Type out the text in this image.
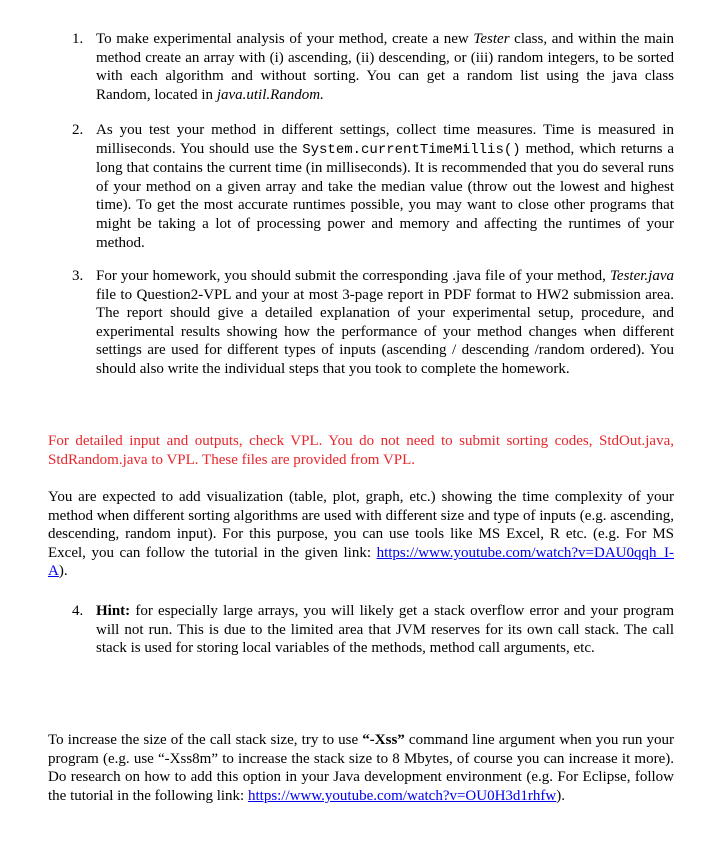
1. To make experimental analysis of your method, create a new Tester class, and within the main method create an array with (i) ascending, (ii) descending, or (iii) random integers, to be sorted with each algorithm and without sorting. You can get a random list using the java class Random, located in java.util.Random.
2. As you test your method in different settings, collect time measures. Time is measured in milliseconds. You should use the System.currentTimeMillis() method, which returns a long that contains the current time (in milliseconds). It is recommended that you do several runs of your method on a given array and take the median value (throw out the lowest and highest time). To get the most accurate runtimes possible, you may want to close other programs that might be taking a lot of processing power and memory and affecting the runtimes of your method.
3. For your homework, you should submit the corresponding .java file of your method, Tester.java file to Question2-VPL and your at most 3-page report in PDF format to HW2 submission area. The report should give a detailed explanation of your experimental setup, procedure, and experimental results showing how the performance of your method changes when different settings are used for different types of inputs (ascending / descending /random ordered). You should also write the individual steps that you took to complete the homework.
For detailed input and outputs, check VPL. You do not need to submit sorting codes, StdOut.java, StdRandom.java to VPL. These files are provided from VPL.
You are expected to add visualization (table, plot, graph, etc.) showing the time complexity of your method when different sorting algorithms are used with different size and type of inputs (e.g. ascending, descending, random input). For this purpose, you can use tools like MS Excel, R etc. (e.g. For MS Excel, you can follow the tutorial in the given link: https://www.youtube.com/watch?v=DAU0qqh_I-A).
4. Hint: for especially large arrays, you will likely get a stack overflow error and your program will not run. This is due to the limited area that JVM reserves for its own call stack. The call stack is used for storing local variables of the methods, method call arguments, etc.
To increase the size of the call stack size, try to use “-Xss” command line argument when you run your program (e.g. use “-Xss8m” to increase the stack size to 8 Mbytes, of course you can increase it more). Do research on how to add this option in your Java development environment (e.g. For Eclipse, follow the tutorial in the following link: https://www.youtube.com/watch?v=OU0H3d1rhfw).
